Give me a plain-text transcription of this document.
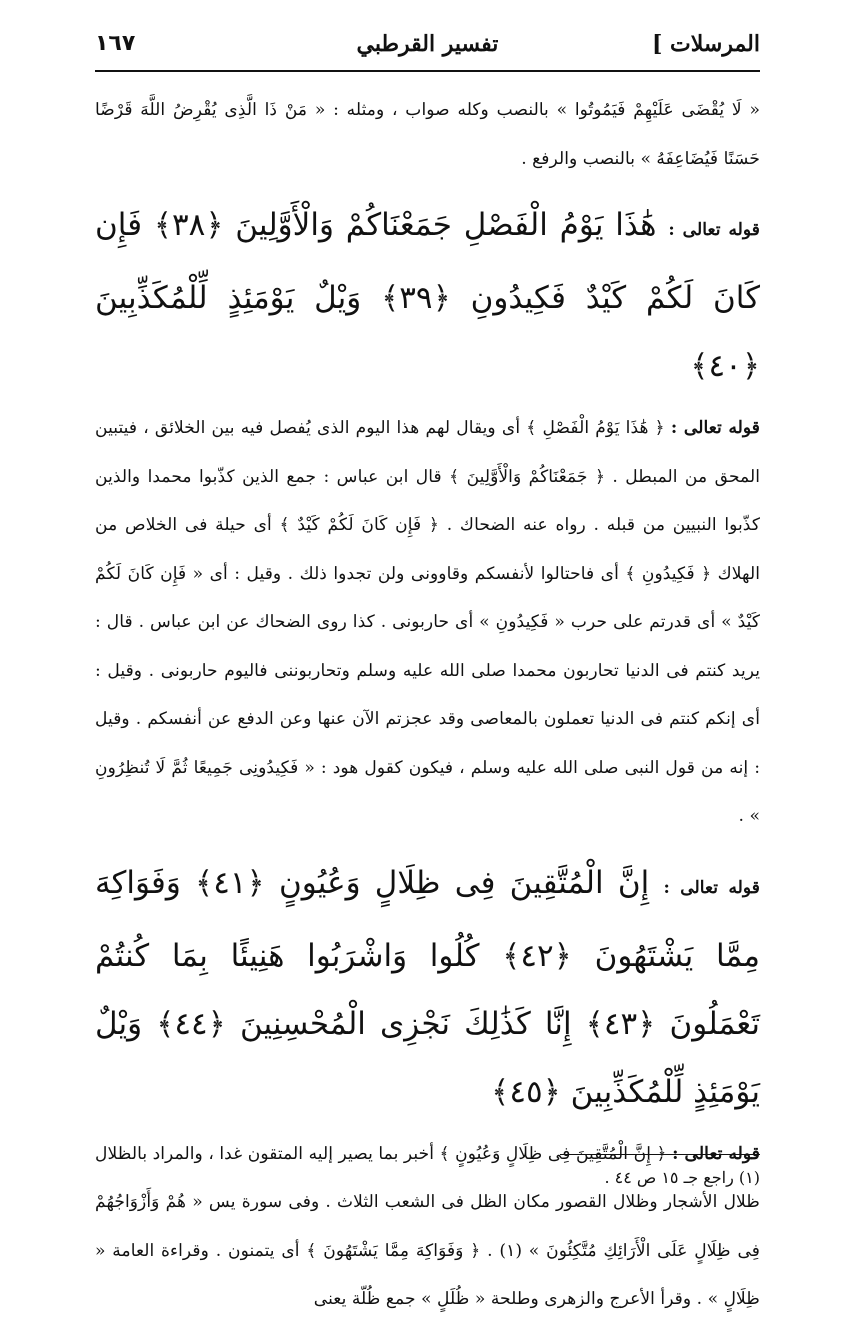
المرسلات ]
تفسير القرطبي
١٦٧

« لَا يُقْضَى عَلَيْهِمْ فَيَمُوتُوا » بالنصب وكله صواب ، ومثله : « مَنْ ذَا الَّذِى يُقْرِضُ اللَّهَ قَرْضًا حَسَنًا فَيُضَاعِفَهُ » بالنصب والرفع .

قوله تعالى : هَٰذَا يَوْمُ الْفَصْلِ جَمَعْنَاكُمْ وَالْأَوَّلِينَ ﴿٣٨﴾ فَإِن كَانَ لَكُمْ كَيْدٌ فَكِيدُونِ ﴿٣٩﴾ وَيْلٌ يَوْمَئِذٍ لِّلْمُكَذِّبِينَ ﴿٤٠﴾

قوله تعالى : ﴿ هَٰذَا يَوْمُ الْفَصْلِ ﴾ أى ويقال لهم هذا اليوم الذى يُفصل فيه بين الخلائق ، فيتبين المحق من المبطل . ﴿ جَمَعْنَاكُمْ وَالْأَوَّلِينَ ﴾ قال ابن عباس : جمع الذين كذّبوا محمدا والذين كذّبوا النبيين من قبله . رواه عنه الضحاك . ﴿ فَإِن كَانَ لَكُمْ كَيْدٌ ﴾ أى حيلة فى الخلاص من الهلاك ﴿ فَكِيدُونِ ﴾ أى فاحتالوا لأنفسكم وقاوونى ولن تجدوا ذلك . وقيل : أى « فَإِن كَانَ لَكُمْ كَيْدٌ » أى قدرتم على حرب « فَكِيدُونِ » أى حاربونى . كذا روى الضحاك عن ابن عباس . قال : يريد كنتم فى الدنيا تحاربون محمدا صلى الله عليه وسلم وتحاربوننى فاليوم حاربونى . وقيل : أى إنكم كنتم فى الدنيا تعملون بالمعاصى وقد عجزتم الآن عنها وعن الدفع عن أنفسكم . وقيل : إنه من قول النبى صلى الله عليه وسلم ، فيكون كقول هود : « فَكِيدُونِى جَمِيعًا ثُمَّ لَا تُنظِرُونِ » .

قوله تعالى : إِنَّ الْمُتَّقِينَ فِى ظِلَالٍ وَعُيُونٍ ﴿٤١﴾ وَفَوَاكِهَ مِمَّا يَشْتَهُونَ ﴿٤٢﴾ كُلُوا وَاشْرَبُوا هَنِيئًا بِمَا كُنتُمْ تَعْمَلُونَ ﴿٤٣﴾ إِنَّا كَذَٰلِكَ نَجْزِى الْمُحْسِنِينَ ﴿٤٤﴾ وَيْلٌ يَوْمَئِذٍ لِّلْمُكَذِّبِينَ ﴿٤٥﴾

قوله تعالى : ﴿ إِنَّ الْمُتَّقِينَ فِى ظِلَالٍ وَعُيُونٍ ﴾ أخبر بما يصير إليه المتقون غدا ، والمراد بالظلال ظلال الأشجار وظلال القصور مكان الظل فى الشعب الثلاث . وفى سورة يس « هُمْ وَأَزْوَاجُهُمْ فِى ظِلَالٍ عَلَى الْأَرَائِكِ مُتَّكِئُونَ » (١) . ﴿ وَفَوَاكِهَ مِمَّا يَشْتَهُونَ ﴾ أى يتمنون . وقراءة العامة « ظِلَالٍ » . وقرأ الأعرج والزهرى وطلحة « ظُلَلٍ » جمع ظُلّة يعنى

(١) راجع جـ ١٥ ص ٤٤ .
